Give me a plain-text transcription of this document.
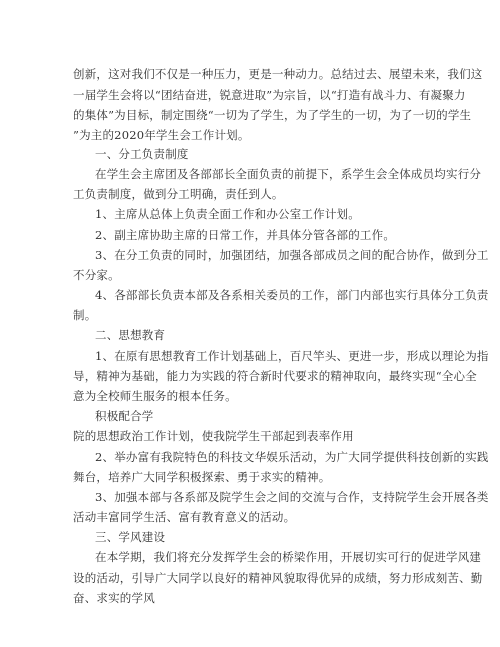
创新，这对我们不仅是一种压力，更是一种动力。总结过去、展望未来，我们这
一届学生会将以“团结奋进，锐意进取”为宗旨，以“打造有战斗力、有凝聚力
的集体”为目标，制定围绕“一切为了学生，为了学生的一切，为了一切的学生
”为主的2020年学生会工作计划。
一、分工负责制度
在学生会主席团及各部部长全面负责的前提下，系学生会全体成员均实行分
工负责制度，做到分工明确，责任到人。
1、主席从总体上负责全面工作和办公室工作计划。
2、副主席协助主席的日常工作，并具体分管各部的工作。
3、在分工负责的同时，加强团结，加强各部成员之间的配合协作，做到分工
不分家。
4、各部部长负责本部及各系相关委员的工作，部门内部也实行具体分工负责
制。
二、思想教育
1、在原有思想教育工作计划基础上，百尺竿头、更进一步，形成以理论为指
导，精神为基础，能力为实践的符合新时代要求的精神取向，最终实现“全心全
意为全校师生服务的根本任务。
积极配合学
院的思想政治工作计划，使我院学生干部起到表率作用
2、举办富有我院特色的科技文华娱乐活动，为广大同学提供科技创新的实践
舞台，培养广大同学积极探索、勇于求实的精神。
3、加强本部与各系部及院学生会之间的交流与合作，支持院学生会开展各类
活动丰富同学生活、富有教育意义的活动。
三、学风建设
在本学期，我们将充分发挥学生会的桥梁作用，开展切实可行的促进学风建
设的活动，引导广大同学以良好的精神风貌取得优异的成绩，努力形成刻苦、勤
奋、求实的学风
